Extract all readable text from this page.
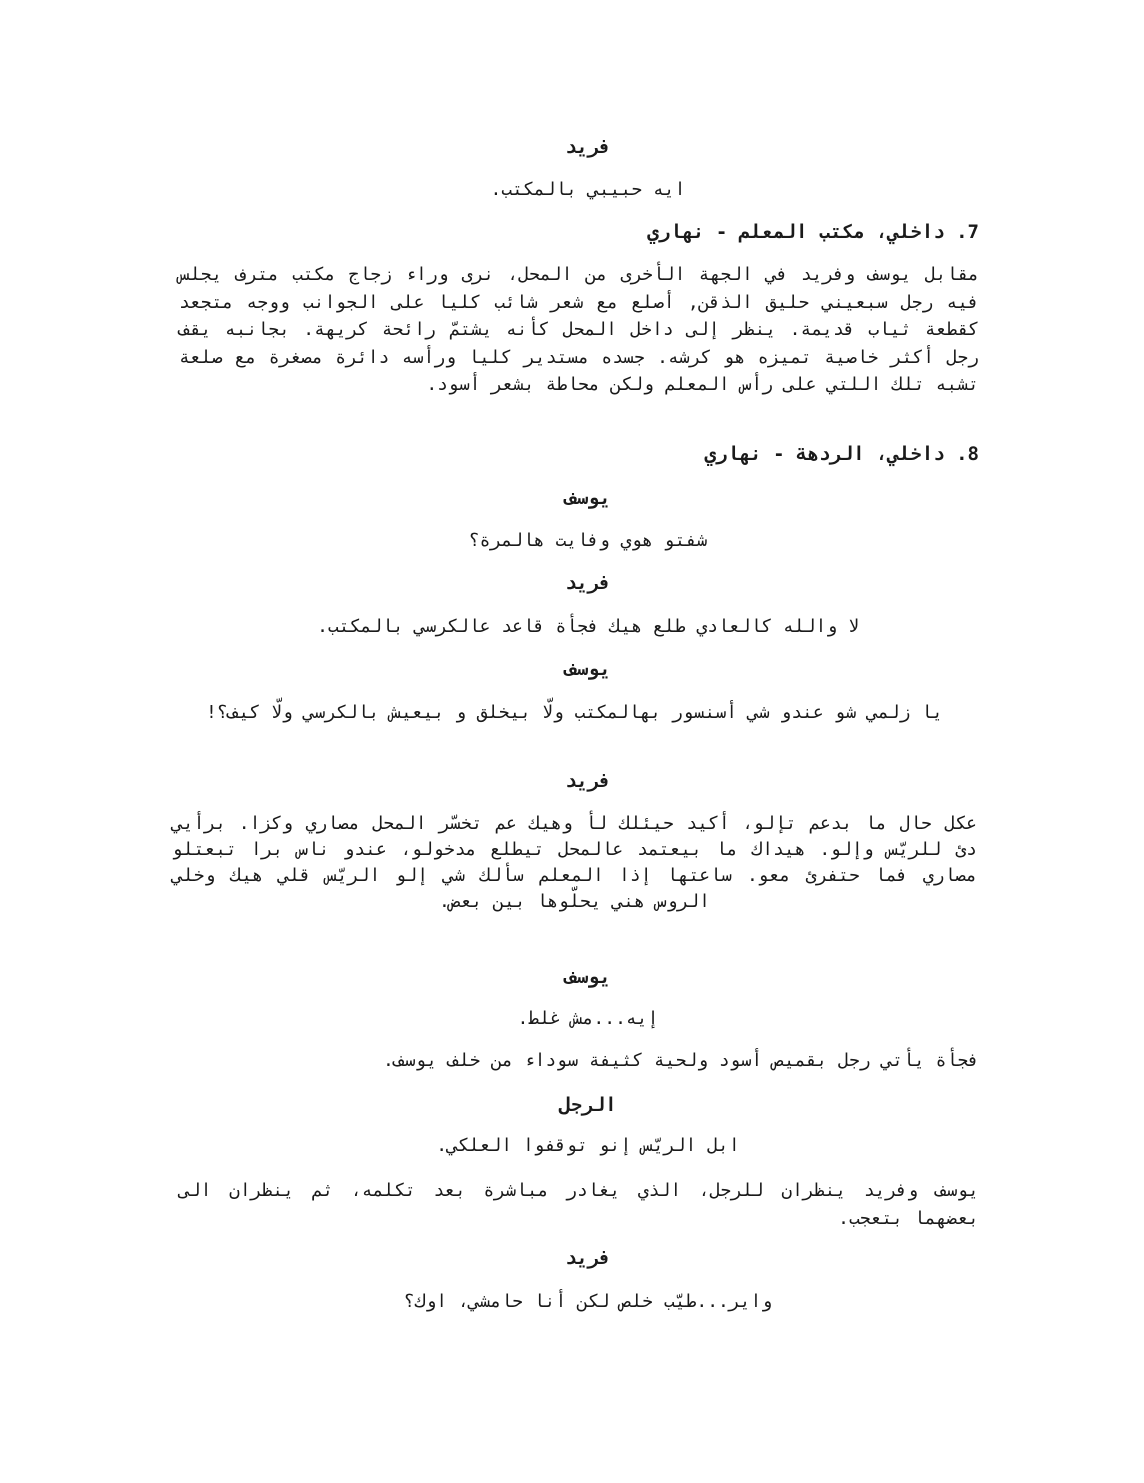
فريد

ايه حبيبي بالمكتب.

7. داخلي، مكتب المعلم - نهاري

مقابل يوسف وفريد في الجهة الأخرى من المحل، نرى وراء زجاج مكتب مترف يجلس فيه رجل سبعيني حليق الذقن, أصلع مع شعر شائب كليا على الجوانب ووجه متجعد كقطعة ثياب قديمة. ينظر إلى داخل المحل كأنه يشتمّ رائحة كريهة. بجانبه يقف رجل أكثر خاصية تميزه هو كرشه. جسده مستدير كليا ورأسه دائرة مصغرة مع صلعة تشبه تلك اللتي على رأس المعلم ولكن محاطة بشعر أسود.

8. داخلي، الردهة - نهاري

يوسف

شفتو هوي وفايت هالمرة؟

فريد

لا والله كالعادي طلع هيك فجأة قاعد عالكرسي بالمكتب.

يوسف

يا زلمي شو عندو شي أسنسور بهالمكتب ولّا بيخلق و بيعيش بالكرسي ولّا كيف؟!

فريد

عكل حال ما بدعم تإلو، أكيد حيئلك لأ وهيك عم تخسّر المحل مصاري وكزا. برأيي دئ للريّس وإلو. هيداك ما بيعتمد عالمحل تيطلع مدخولو، عندو ناس برا تبعتلو مصاري فما حتفرئ معو. ساعتها إذا المعلم سألك شي إلو الريّس قلي هيك وخلي الروس هني يحلّوها بين بعض.

يوسف

إيه...مش غلط.

فجأة يأتي رجل بقميص أسود ولحية كثيفة سوداء من خلف يوسف.

الرجل

ابل الريّس إنو توقفوا العلكي.

يوسف وفريد ينظران للرجل، الذي يغادر مباشرة بعد تكلمه، ثم ينظران الى بعضهما بتعجب.

فريد

واير...طيّب خلص لكن أنا حامشي، اوك؟
